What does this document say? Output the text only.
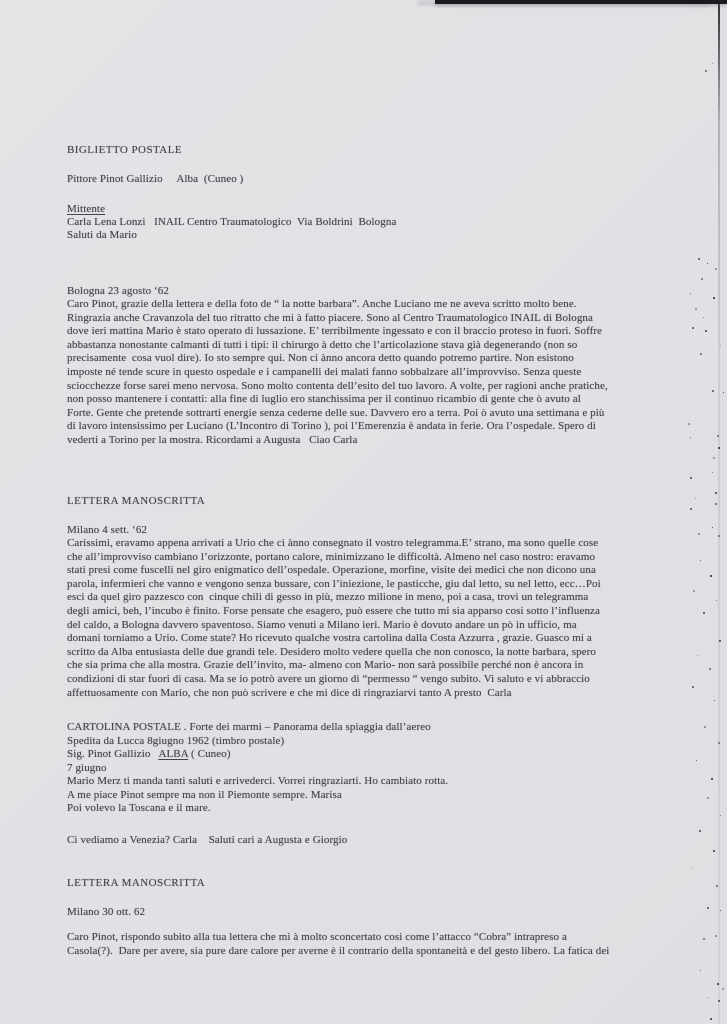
BIGLIETTO POSTALE
Pittore Pinot Gallizio     Alba  (Cuneo )
Mittente
Carla Lena Lonzi   INAIL Centro Traumatologico  Via Boldrini  Bologna
Saluti da Mario
Bologna 23 agosto ‘62
Caro Pinot, grazie della lettera e della foto de “ la notte barbara”. Anche Luciano me ne aveva scritto molto bene.
Ringrazia anche Cravanzola del tuo ritratto che mi à fatto piacere. Sono al Centro Traumatologico INAIL di Bologna
dove ieri mattina Mario è stato operato di lussazione. E’ terribilmente ingessato e con il braccio proteso in fuori. Soffre
abbastanza nonostante calmanti di tutti i tipi: il chirurgo à detto che l’articolazione stava già degenerando (non so
precisamente  cosa vuol dire). Io sto sempre qui. Non ci ànno ancora detto quando potremo partire. Non esistono
imposte né tende scure in questo ospedale e i campanelli dei malati fanno sobbalzare all’improvviso. Senza queste
sciocchezze forse sarei meno nervosa. Sono molto contenta dell’esito del tuo lavoro. A volte, per ragioni anche pratiche,
non posso mantenere i contatti: alla fine di luglio ero stanchissima per il continuo ricambio di gente che ò avuto al
Forte. Gente che pretende sottrarti energie senza cederne delle sue. Davvero ero a terra. Poi ò avuto una settimana e più
di lavoro intensissimo per Luciano (L’Incontro di Torino ), poi l’Emerenzia è andata in ferie. Ora l’ospedale. Spero di
vederti a Torino per la mostra. Ricordami a Augusta   Ciao Carla
LETTERA MANOSCRITTA
Milano 4 sett. ‘62
Carissimi, eravamo appena arrivati a Urio che ci ànno consegnato il vostro telegramma.E’ strano, ma sono quelle cose
che all’improvviso cambiano l’orizzonte, portano calore, minimizzano le difficoltà. Almeno nel caso nostro: eravamo
stati presi come fuscelli nel giro enigmatico dell’ospedale. Operazione, morfine, visite dei medici che non dicono una
parola, infermieri che vanno e vengono senza bussare, con l’iniezione, le pasticche, giu dal letto, su nel letto, ecc…Poi
esci da quel giro pazzesco con  cinque chili di gesso in più, mezzo milione in meno, poi a casa, trovi un telegramma
degli amici, beh, l’incubo è finito. Forse pensate che esagero, può essere che tutto mi sia apparso cosi sotto l’influenza
del caldo, a Bologna davvero spaventoso. Siamo venuti a Milano ieri. Mario è dovuto andare un pò in ufficio, ma
domani torniamo a Urio. Come state? Ho ricevuto qualche vostra cartolina dalla Costa Azzurra , grazie. Guasco mi a
scritto da Alba entusiasta delle due grandi tele. Desidero molto vedere quella che non conosco, la notte barbara, spero
che sia prima che alla mostra. Grazie dell’invito, ma- almeno con Mario- non sarà possibile perché non è ancora in
condizioni di star fuori di casa. Ma se io potrò avere un giorno di “permesso “ vengo subito. Vi saluto e vi abbraccio
affettuosamente con Mario, che non può scrivere e che mi dice di ringraziarvi tanto A presto  Carla
CARTOLINA POSTALE . Forte dei marmi – Panorama della spiaggia dall’aereo
Spedita da Lucca 8giugno 1962 (timbro postale)
Sig. Pinot Gallizio   ALBA ( Cuneo)
7 giugno
Mario Merz ti manda tanti saluti e arrivederci. Vorrei ringraziarti. Ho cambiato rotta.
A me piace Pinot sempre ma non il Piemonte sempre. Marisa
Poi volevo la Toscana e il mare.
Ci vediamo a Venezia? Carla    Saluti cari a Augusta e Giorgio
LETTERA MANOSCRITTA
Milano 30 ott. 62
Caro Pinot, rispondo subito alla tua lettera che mi à molto sconcertato cosi come l’attacco “Cobra” intrapreso a
Casola(?).  Dare per avere, sia pure dare calore per averne è il contrario della spontaneità e del gesto libero. La fatica dei
